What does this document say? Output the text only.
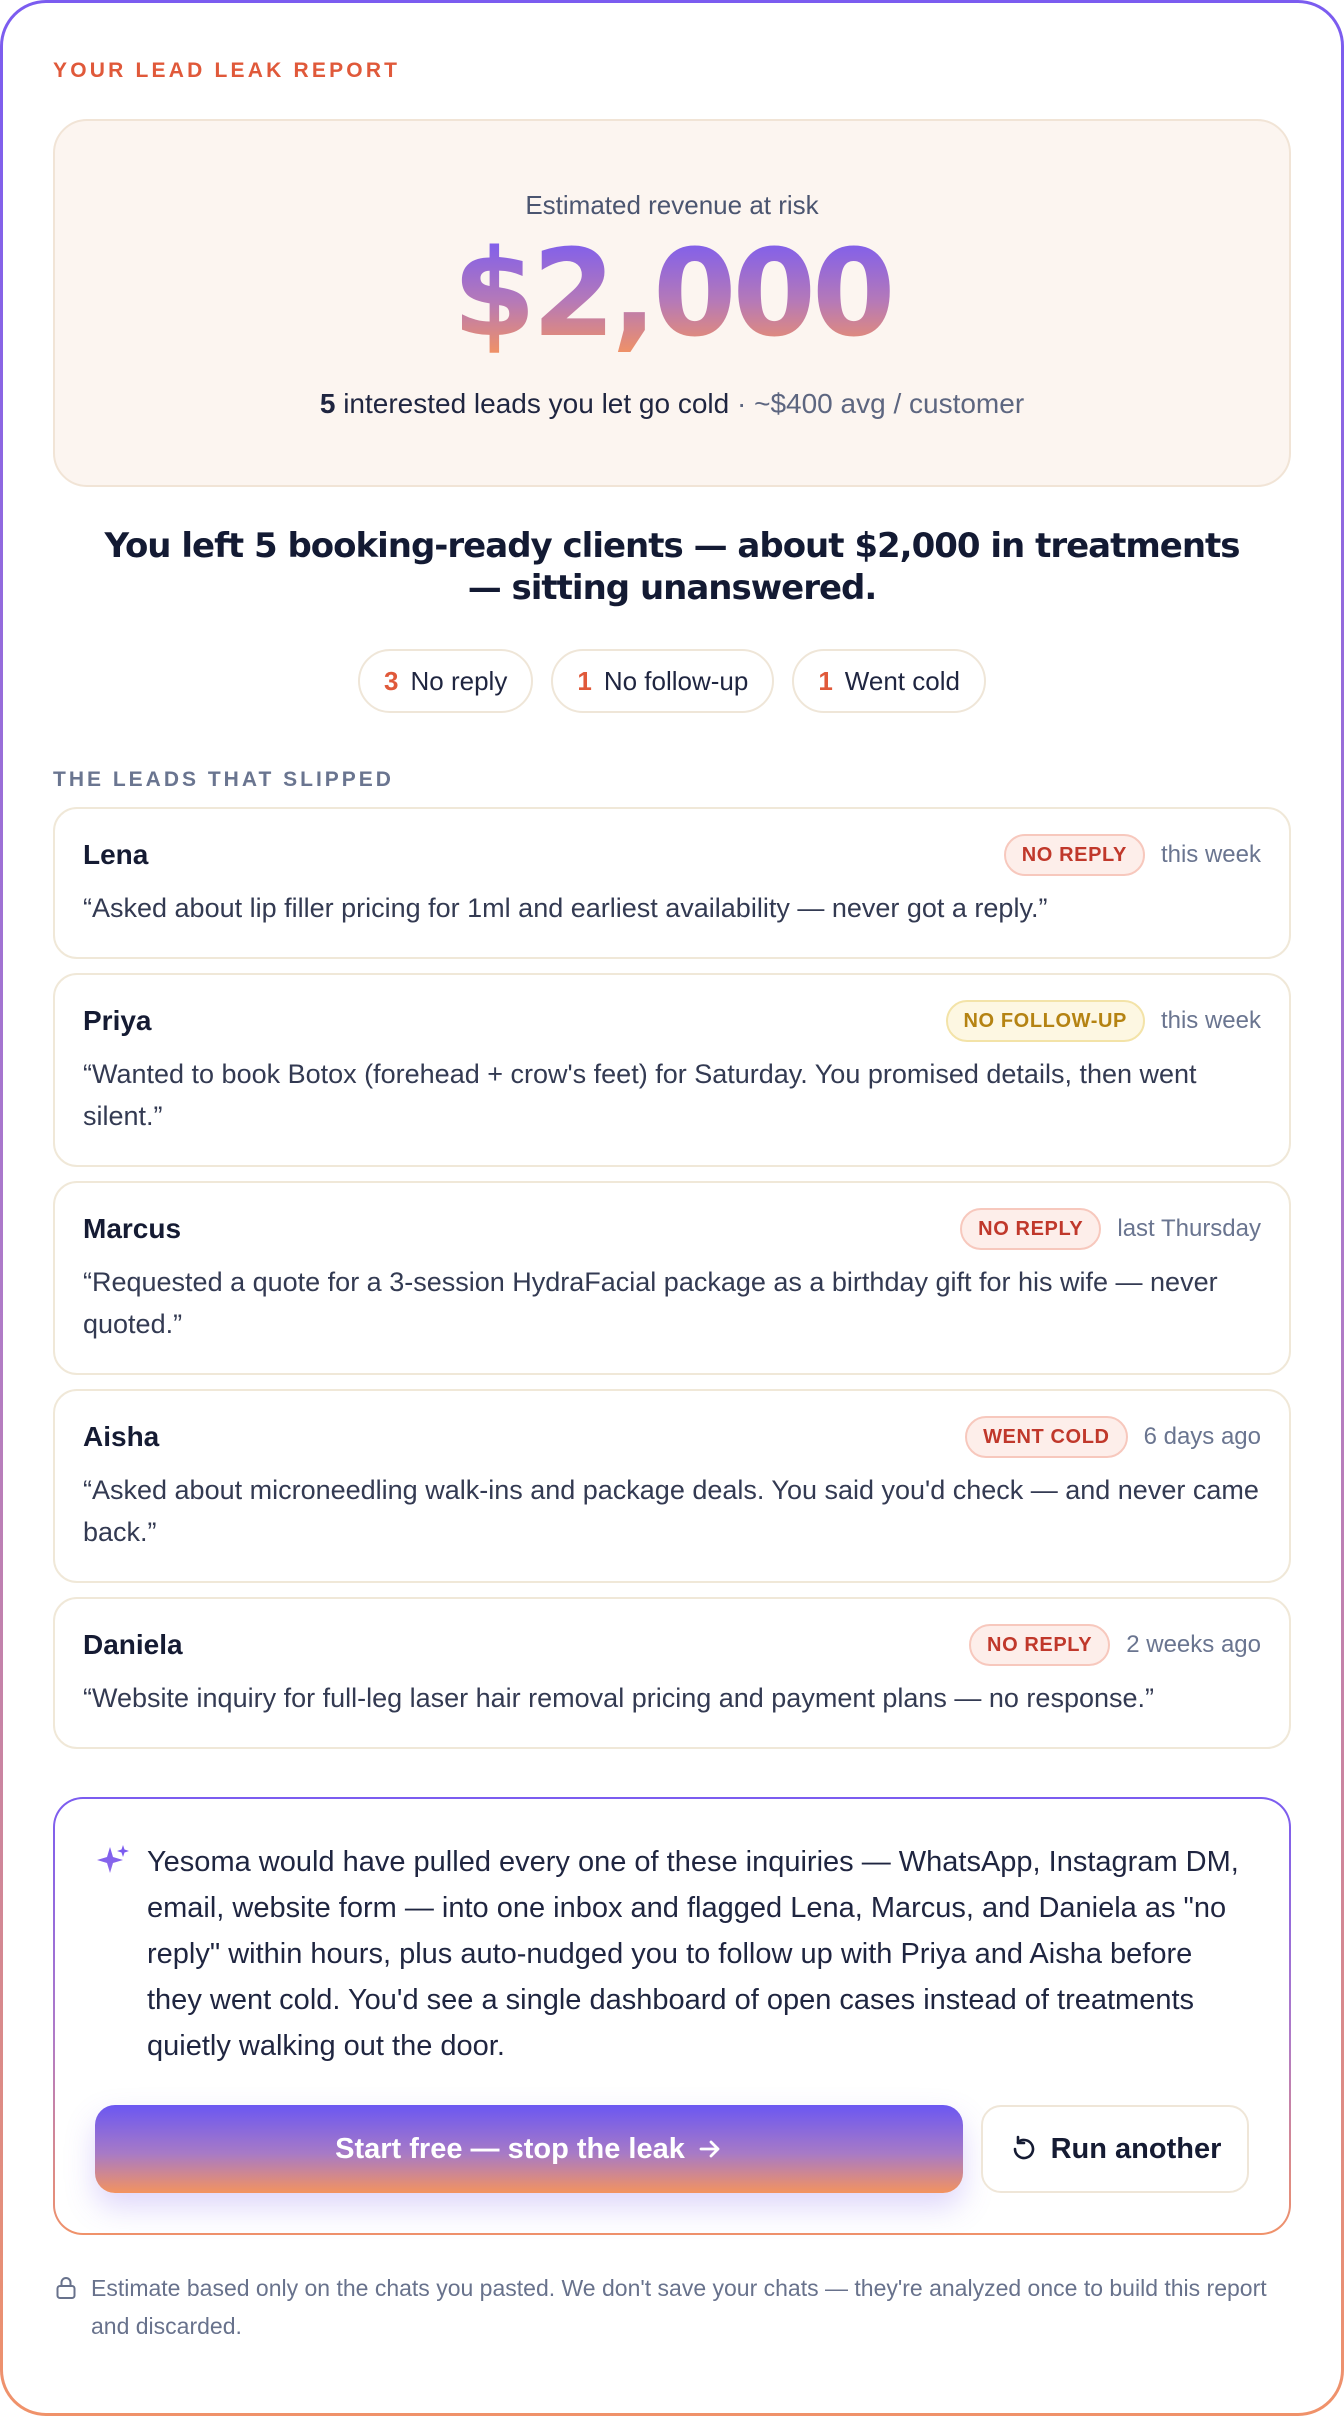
YOUR LEAD LEAK REPORT
Estimated revenue at risk
$2,000
5 interested leads you let go cold · ~$400 avg / customer
You left 5 booking-ready clients — about $2,000 in treatments — sitting unanswered.
3 No reply	1 No follow-up	1 Went cold
THE LEADS THAT SLIPPED
Lena	NO REPLY	this week
“Asked about lip filler pricing for 1ml and earliest availability — never got a reply.”
Priya	NO FOLLOW-UP	this week
“Wanted to book Botox (forehead + crow's feet) for Saturday. You promised details, then went silent.”
Marcus	NO REPLY	last Thursday
“Requested a quote for a 3-session HydraFacial package as a birthday gift for his wife — never quoted.”
Aisha	WENT COLD	6 days ago
“Asked about microneedling walk-ins and package deals. You said you'd check — and never came back.”
Daniela	NO REPLY	2 weeks ago
“Website inquiry for full-leg laser hair removal pricing and payment plans — no response.”
Yesoma would have pulled every one of these inquiries — WhatsApp, Instagram DM, email, website form — into one inbox and flagged Lena, Marcus, and Daniela as "no reply" within hours, plus auto-nudged you to follow up with Priya and Aisha before they went cold. You'd see a single dashboard of open cases instead of treatments quietly walking out the door.
Start free — stop the leak	Run another
Estimate based only on the chats you pasted. We don't save your chats — they're analyzed once to build this report and discarded.
